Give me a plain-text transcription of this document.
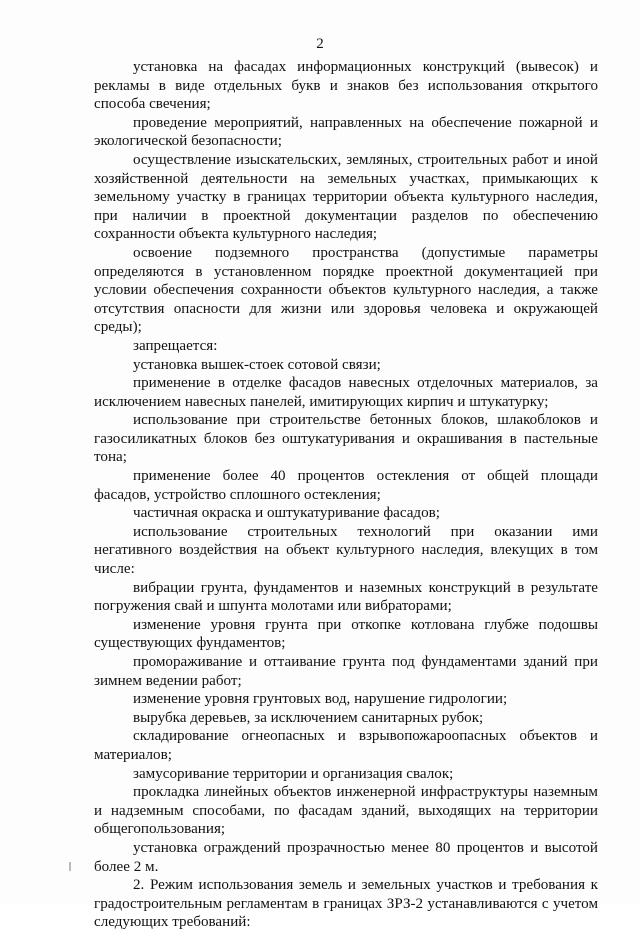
2

установка на фасадах информационных конструкций (вывесок) и рекламы в виде отдельных букв и знаков без использования открытого способа свечения;

проведение мероприятий, направленных на обеспечение пожарной и экологической безопасности;

осуществление изыскательских, земляных, строительных работ и иной хозяйственной деятельности на земельных участках, примыкающих к земельному участку в границах территории объекта культурного наследия, при наличии в проектной документации разделов по обеспечению сохранности объекта культурного наследия;

освоение подземного пространства (допустимые параметры определяются в установленном порядке проектной документацией при условии обеспечения сохранности объектов культурного наследия, а также отсутствия опасности для жизни или здоровья человека и окружающей среды);

запрещается:

установка вышек-стоек сотовой связи;

применение в отделке фасадов навесных отделочных материалов, за исключением навесных панелей, имитирующих кирпич и штукатурку;

использование при строительстве бетонных блоков, шлакоблоков и газосиликатных блоков без оштукатуривания и окрашивания в пастельные тона;

применение более 40 процентов остекления от общей площади фасадов, устройство сплошного остекления;

частичная окраска и оштукатуривание фасадов;

использование строительных технологий при оказании ими негативного воздействия на объект культурного наследия, влекущих в том числе:

вибрации грунта, фундаментов и наземных конструкций в результате погружения свай и шпунта молотами или вибраторами;

изменение уровня грунта при откопке котлована глубже подошвы существующих фундаментов;

промораживание и оттаивание грунта под фундаментами зданий при зимнем ведении работ;

изменение уровня грунтовых вод, нарушение гидрологии;

вырубка деревьев, за исключением санитарных рубок;

складирование огнеопасных и взрывопожароопасных объектов и материалов;

замусоривание территории и организация свалок;

прокладка линейных объектов инженерной инфраструктуры наземным и надземным способами, по фасадам зданий, выходящих на территории общегопользования;

установка ограждений прозрачностью менее 80 процентов и высотой более 2 м.

2. Режим использования земель и земельных участков и требования к градостроительным регламентам в границах ЗРЗ-2 устанавливаются с учетом следующих требований:
